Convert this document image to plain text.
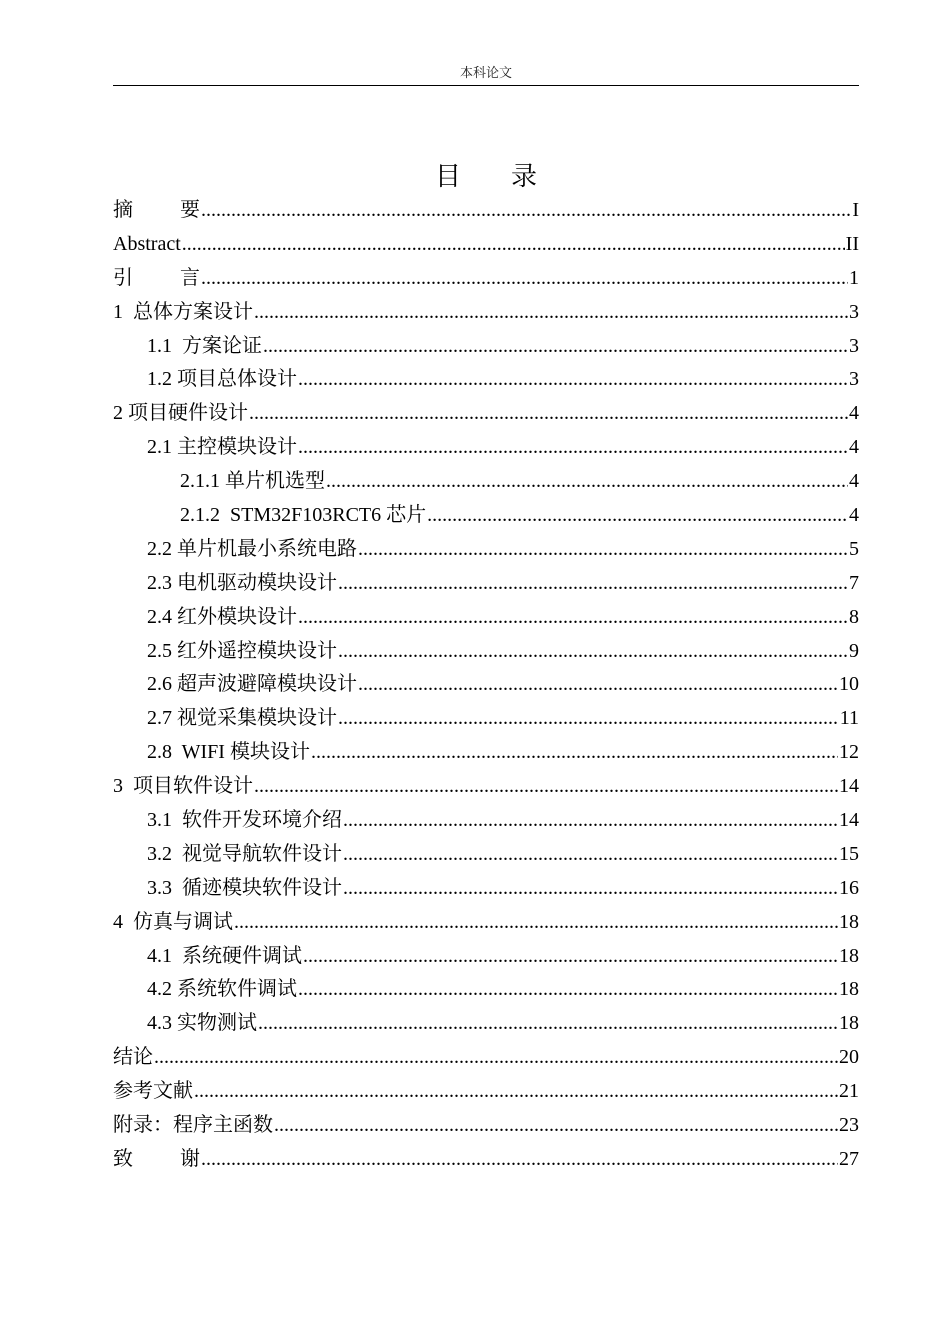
本科论文
目录
摘 要 .....	I
Abstract .....	II
引 言 .....	1
1  总体方案设计 .....	3
1.1  方案论证 .....	3
1.2 项目总体设计 .....	3
2 项目硬件设计 .....	4
2.1 主控模块设计 .....	4
2.1.1 单片机选型 .....	4
2.1.2  STM32F103RCT6 芯片 .....	4
2.2 单片机最小系统电路 .....	5
2.3 电机驱动模块设计 .....	7
2.4 红外模块设计 .....	8
2.5 红外遥控模块设计 .....	9
2.6 超声波避障模块设计 .....	10
2.7 视觉采集模块设计 .....	11
2.8  WIFI 模块设计 .....	12
3  项目软件设计 .....	14
3.1  软件开发环境介绍 .....	14
3.2  视觉导航软件设计 .....	15
3.3  循迹模块软件设计 .....	16
4  仿真与调试 .....	18
4.1  系统硬件调试 .....	18
4.2 系统软件调试 .....	18
4.3 实物测试 .....	18
结论 .....	20
参考文献 .....	21
附录：程序主函数 .....	23
致 谢 .....	27
